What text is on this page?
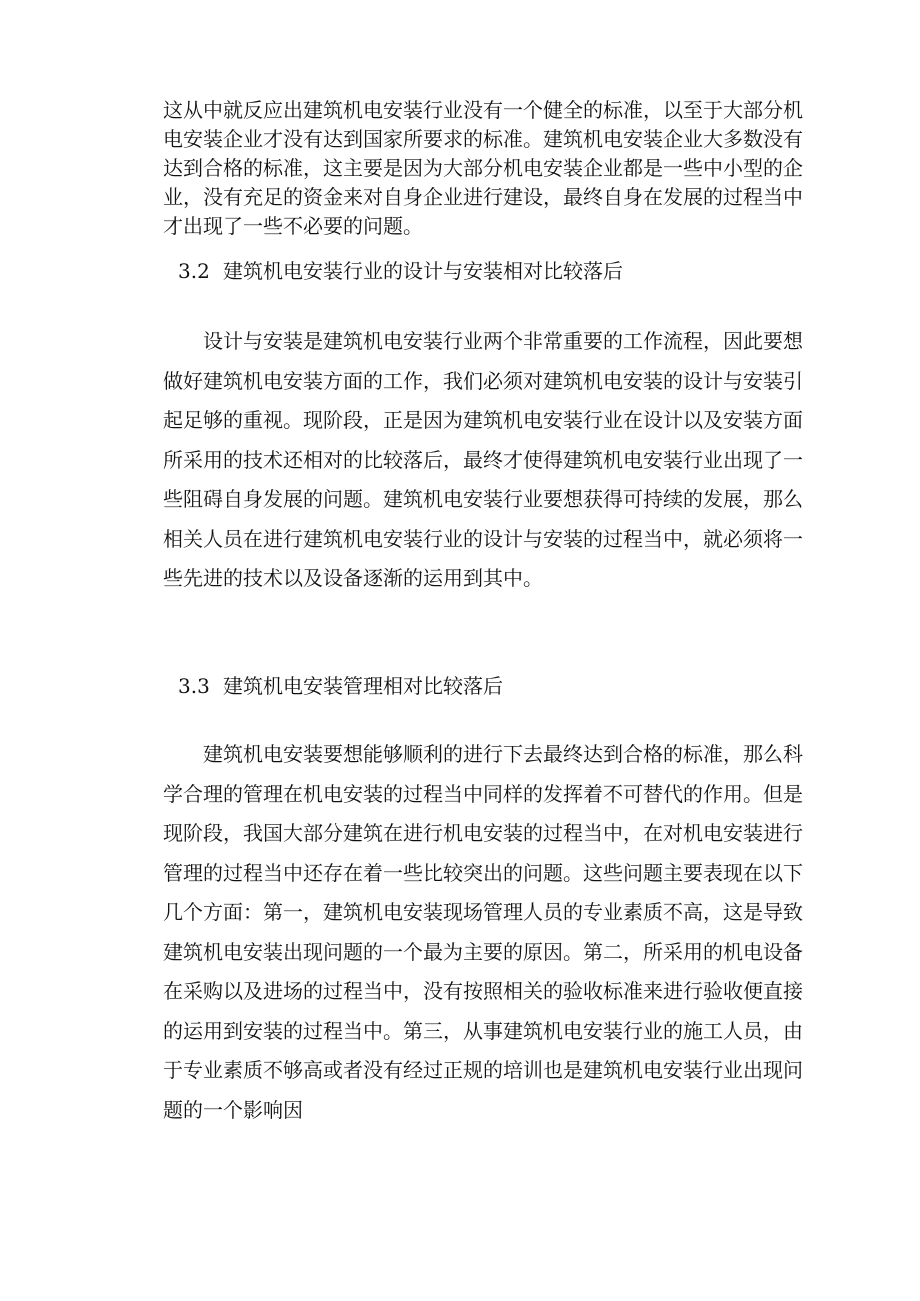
这从中就反应出建筑机电安装行业没有一个健全的标准，以至于大部分机电安装企业才没有达到国家所要求的标准。建筑机电安装企业大多数没有达到合格的标准，这主要是因为大部分机电安装企业都是一些中小型的企业，没有充足的资金来对自身企业进行建设，最终自身在发展的过程当中才出现了一些不必要的问题。

3.2 建筑机电安装行业的设计与安装相对比较落后

设计与安装是建筑机电安装行业两个非常重要的工作流程，因此要想做好建筑机电安装方面的工作，我们必须对建筑机电安装的设计与安装引起足够的重视。现阶段，正是因为建筑机电安装行业在设计以及安装方面所采用的技术还相对的比较落后，最终才使得建筑机电安装行业出现了一些阻碍自身发展的问题。建筑机电安装行业要想获得可持续的发展，那么相关人员在进行建筑机电安装行业的设计与安装的过程当中，就必须将一些先进的技术以及设备逐渐的运用到其中。

3.3 建筑机电安装管理相对比较落后

建筑机电安装要想能够顺利的进行下去最终达到合格的标准，那么科学合理的管理在机电安装的过程当中同样的发挥着不可替代的作用。但是现阶段，我国大部分建筑在进行机电安装的过程当中，在对机电安装进行管理的过程当中还存在着一些比较突出的问题。这些问题主要表现在以下几个方面：第一，建筑机电安装现场管理人员的专业素质不高，这是导致建筑机电安装出现问题的一个最为主要的原因。第二，所采用的机电设备在采购以及进场的过程当中，没有按照相关的验收标准来进行验收便直接的运用到安装的过程当中。第三，从事建筑机电安装行业的施工人员，由于专业素质不够高或者没有经过正规的培训也是建筑机电安装行业出现问题的一个影响因
